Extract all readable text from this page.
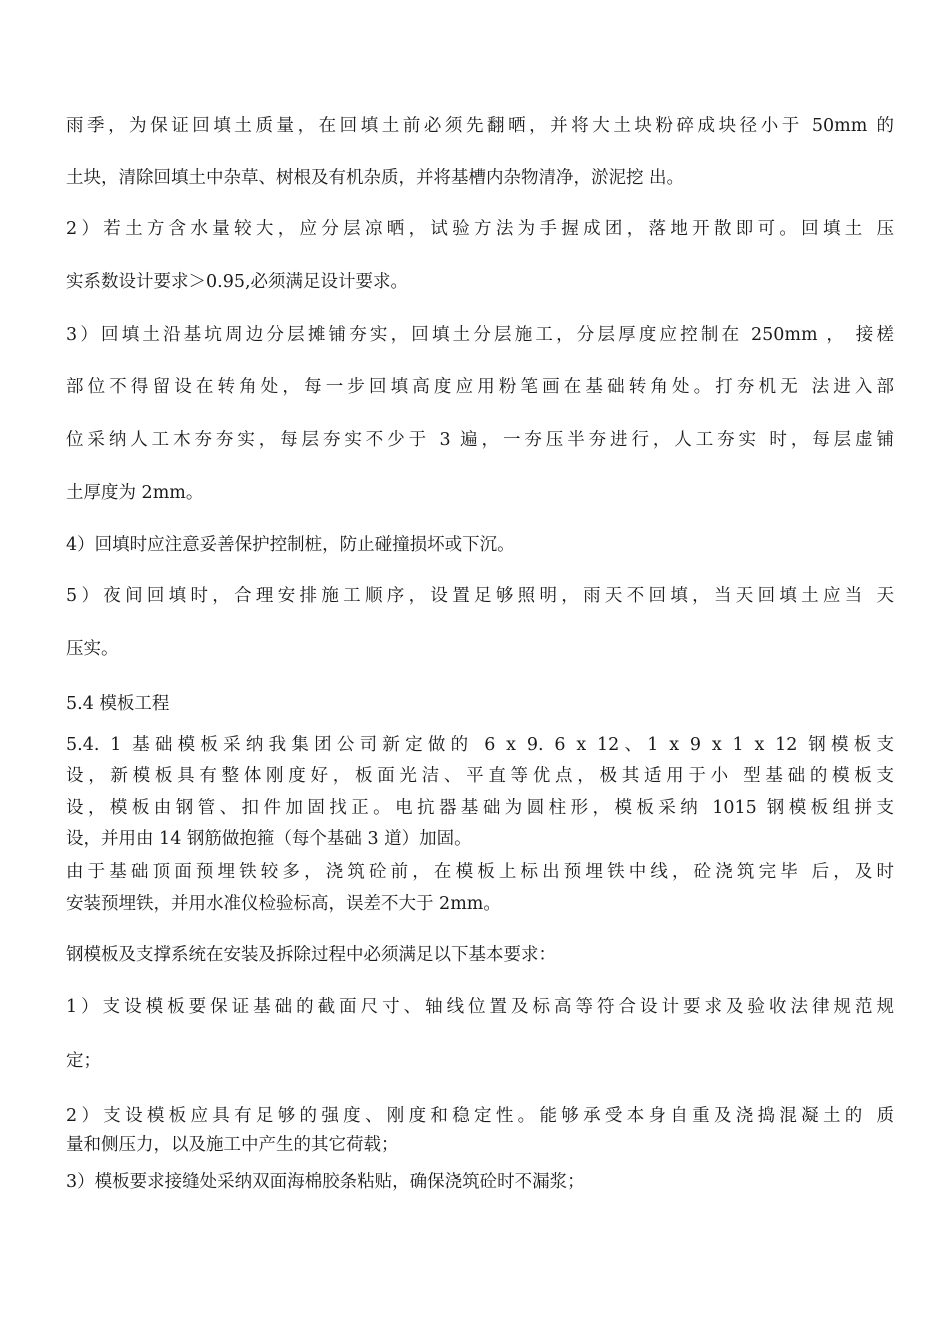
雨季，为保证回填土质量，在回填土前必须先翻晒，并将大土块粉碎成块径小于 50mm 的
土块，清除回填土中杂草、树根及有机杂质，并将基槽内杂物清净，淤泥挖 出。
2）若土方含水量较大，应分层凉晒，试验方法为手握成团，落地开散即可。回填土 压
实系数设计要求＞0.95,必须满足设计要求。
3）回填土沿基坑周边分层摊铺夯实，回填土分层施工，分层厚度应控制在 250mm ， 接槎
部位不得留设在转角处，每一步回填高度应用粉笔画在基础转角处。打夯机无 法进入部
位采纳人工木夯夯实，每层夯实不少于 3 遍，一夯压半夯进行，人工夯实 时，每层虚铺
土厚度为 2mm。
4）回填时应注意妥善保护控制桩，防止碰撞损坏或下沉。
5）夜间回填时，合理安排施工顺序，设置足够照明，雨天不回填，当天回填土应当 天
压实。
5.4 模板工程
5.4. 1 基础模板采纳我集团公司新定做的 6 x 9. 6 x 12、1 x 9 x 1 x 12 钢模板支
设，新模板具有整体刚度好，板面光洁、平直等优点，极其适用于小 型基础的模板支
设，模板由钢管、扣件加固找正。电抗器基础为圆柱形，模板采纳 1015 钢模板组拼支
设，并用由 14 钢筋做抱箍（每个基础 3 道）加固。
由于基础顶面预埋铁较多，浇筑砼前，在模板上标出预埋铁中线，砼浇筑完毕 后，及时
安装预埋铁，并用水准仪检验标高，误差不大于 2mm。
钢模板及支撑系统在安装及拆除过程中必须满足以下基本要求：
1）支设模板要保证基础的截面尺寸、轴线位置及标高等符合设计要求及验收法律规范规
定；
2）支设模板应具有足够的强度、刚度和稳定性。能够承受本身自重及浇捣混凝土的 质
量和侧压力，以及施工中产生的其它荷载；
3）模板要求接缝处采纳双面海棉胶条粘贴，确保浇筑砼时不漏浆；
